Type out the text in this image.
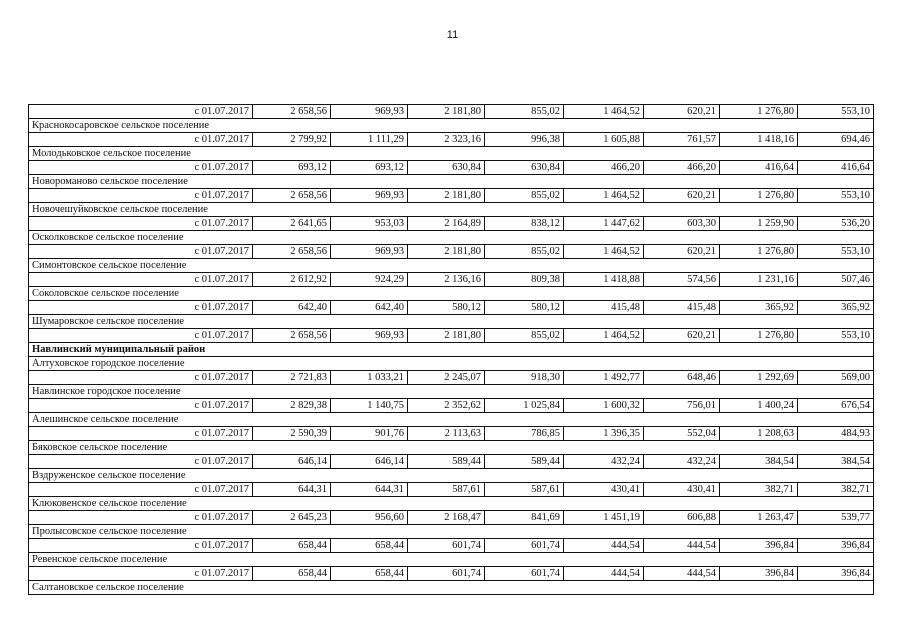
11
с 01.07.2017	2 658,56	969,93	2 181,80	855,02	1 464,52	620,21	1 276,80	553,10
Краснокосаровское сельское поселение								
с 01.07.2017	2 799,92	1 111,29	2 323,16	996,38	1 605,88	761,57	1 418,16	694,46
Молодьковское сельское поселение								
с 01.07.2017	693,12	693,12	630,84	630,84	466,20	466,20	416,64	416,64
Новороманово сельское поселение								
с 01.07.2017	2 658,56	969,93	2 181,80	855,02	1 464,52	620,21	1 276,80	553,10
Новочешуйковское сельское поселение								
с 01.07.2017	2 641,65	953,03	2 164,89	838,12	1 447,62	603,30	1 259,90	536,20
Осколковское сельское поселение								
с 01.07.2017	2 658,56	969,93	2 181,80	855,02	1 464,52	620,21	1 276,80	553,10
Симонтовское сельское поселение								
с 01.07.2017	2 612,92	924,29	2 136,16	809,38	1 418,88	574,56	1 231,16	507,46
Соколовское сельское поселение								
с 01.07.2017	642,40	642,40	580,12	580,12	415,48	415,48	365,92	365,92
Шумаровское сельское поселение								
с 01.07.2017	2 658,56	969,93	2 181,80	855,02	1 464,52	620,21	1 276,80	553,10
Навлинский муниципальный район								
Алтуховское городское поселение								
с 01.07.2017	2 721,83	1 033,21	2 245,07	918,30	1 492,77	648,46	1 292,69	569,00
Навлинское городское поселение								
с 01.07.2017	2 829,38	1 140,75	2 352,62	1 025,84	1 600,32	756,01	1 400,24	676,54
Алешинское сельское поселение								
с 01.07.2017	2 590,39	901,76	2 113,63	786,85	1 396,35	552,04	1 208,63	484,93
Бяковское сельское поселение								
с 01.07.2017	646,14	646,14	589,44	589,44	432,24	432,24	384,54	384,54
Вздруженское сельское поселение								
с 01.07.2017	644,31	644,31	587,61	587,61	430,41	430,41	382,71	382,71
Клюковенское сельское поселение								
с 01.07.2017	2 645,23	956,60	2 168,47	841,69	1 451,19	606,88	1 263,47	539,77
Пролысовское сельское поселение								
с 01.07.2017	658,44	658,44	601,74	601,74	444,54	444,54	396,84	396,84
Ревенское сельское поселение								
с 01.07.2017	658,44	658,44	601,74	601,74	444,54	444,54	396,84	396,84
Салтановское сельское поселение								
